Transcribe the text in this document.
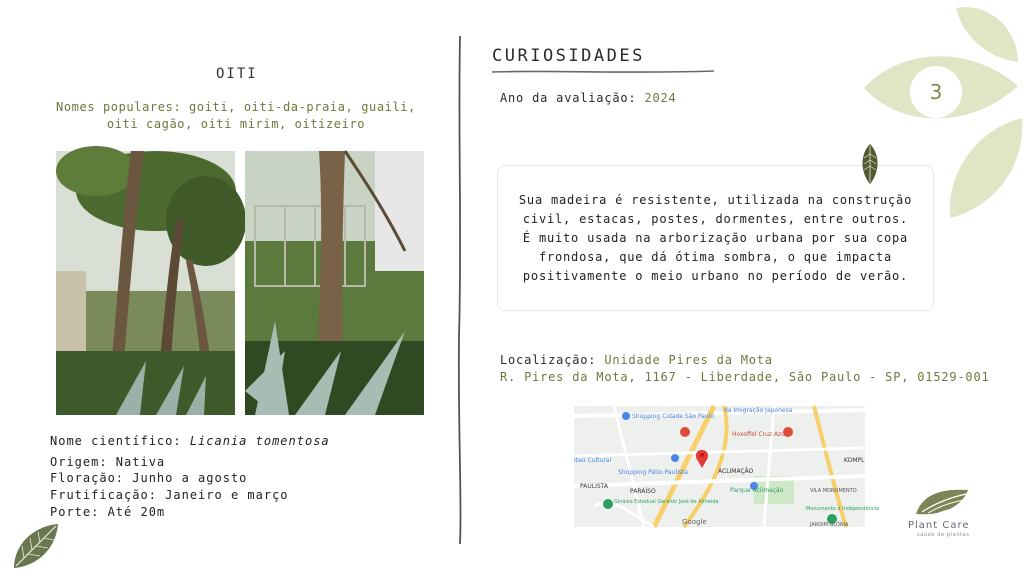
3
OITI
Nomes populares: goiti, oiti-da-praia, guaili, oiti cagão, oiti mirim, oitizeiro
Nome científico: Licania tomentosa
Origem: Nativa
Floração: Junho a agosto
Frutificação: Janeiro e março
Porte: Até 20m
CURIOSIDADES
Ano da avaliação: 2024
Sua madeira é resistente, utilizada na construção civil, estacas, postes, dormentes, entre outros. É muito usada na arborização urbana por sua copa frondosa, que dá ótima sombra, o que impacta positivamente o meio urbano no período de verão.
Localização: Unidade Pires da Mota
R. Pires da Mota, 1167 - Liberdade, São Paulo - SP, 01529-001
Shopping Cidade São Paulo
da Imigração Japonesa
Hoxoffel Cruz Azul
Itaú Cultural
Shopping Pátio Paulista	ACLIMAÇÃO
Parque Aclimação
PAULISTA
PARAÍSO
Ginásio Estadual Geraldo José de Almeida
VILA MONUMENTO
Monumento à Independência
KOMPL
JARDIM GLÓRIA
Google	Plant Care
saúde de plantas
